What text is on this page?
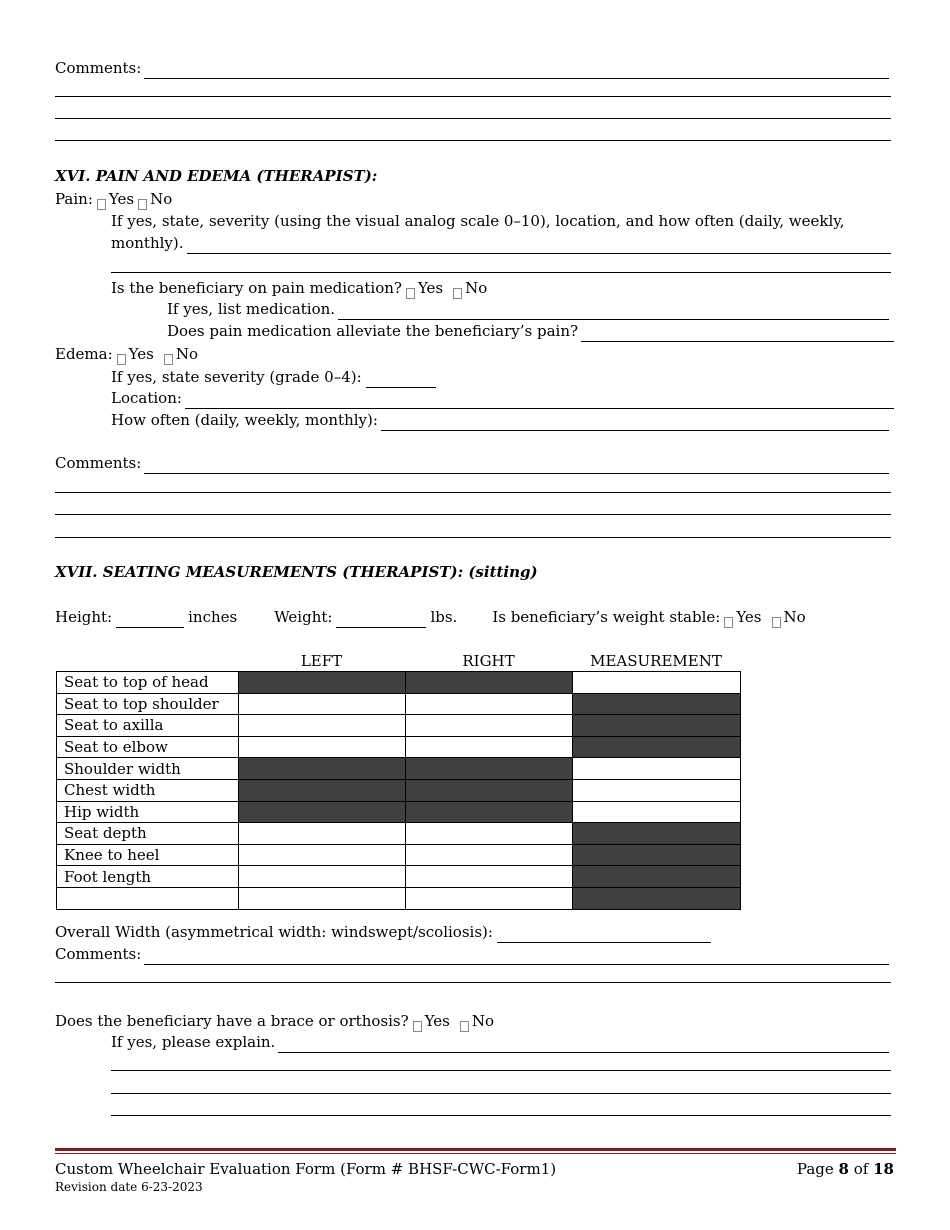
Comments:
XVI. PAIN AND EDEMA (THERAPIST):
Pain: Yes No
If yes, state, severity (using the visual analog scale 0–10), location, and how often (daily, weekly,
monthly).
Is the beneficiary on pain medication? Yes No
If yes, list medication.
Does pain medication alleviate the beneficiary’s pain?
Edema: Yes No
If yes, state severity (grade 0–4):
Location:
How often (daily, weekly, monthly):
Comments:
XVII. SEATING MEASUREMENTS (THERAPIST): (sitting)
Height:	inches Weight:	lbs. Is beneficiary’s weight stable: Yes No
LEFT	RIGHT	MEASUREMENT
Seat to top of head			
Seat to top shoulder			
Seat to axilla			
Seat to elbow			
Shoulder width			
Chest width			
Hip width			
Seat depth			
Knee to heel			
Foot length			

Overall Width (asymmetrical width: windswept/scoliosis):
Comments:
Does the beneficiary have a brace or orthosis? Yes No
If yes, please explain.
Custom Wheelchair Evaluation Form (Form # BHSF-CWC-Form1)
Revision date 6-23-2023
Page 8 of 18
